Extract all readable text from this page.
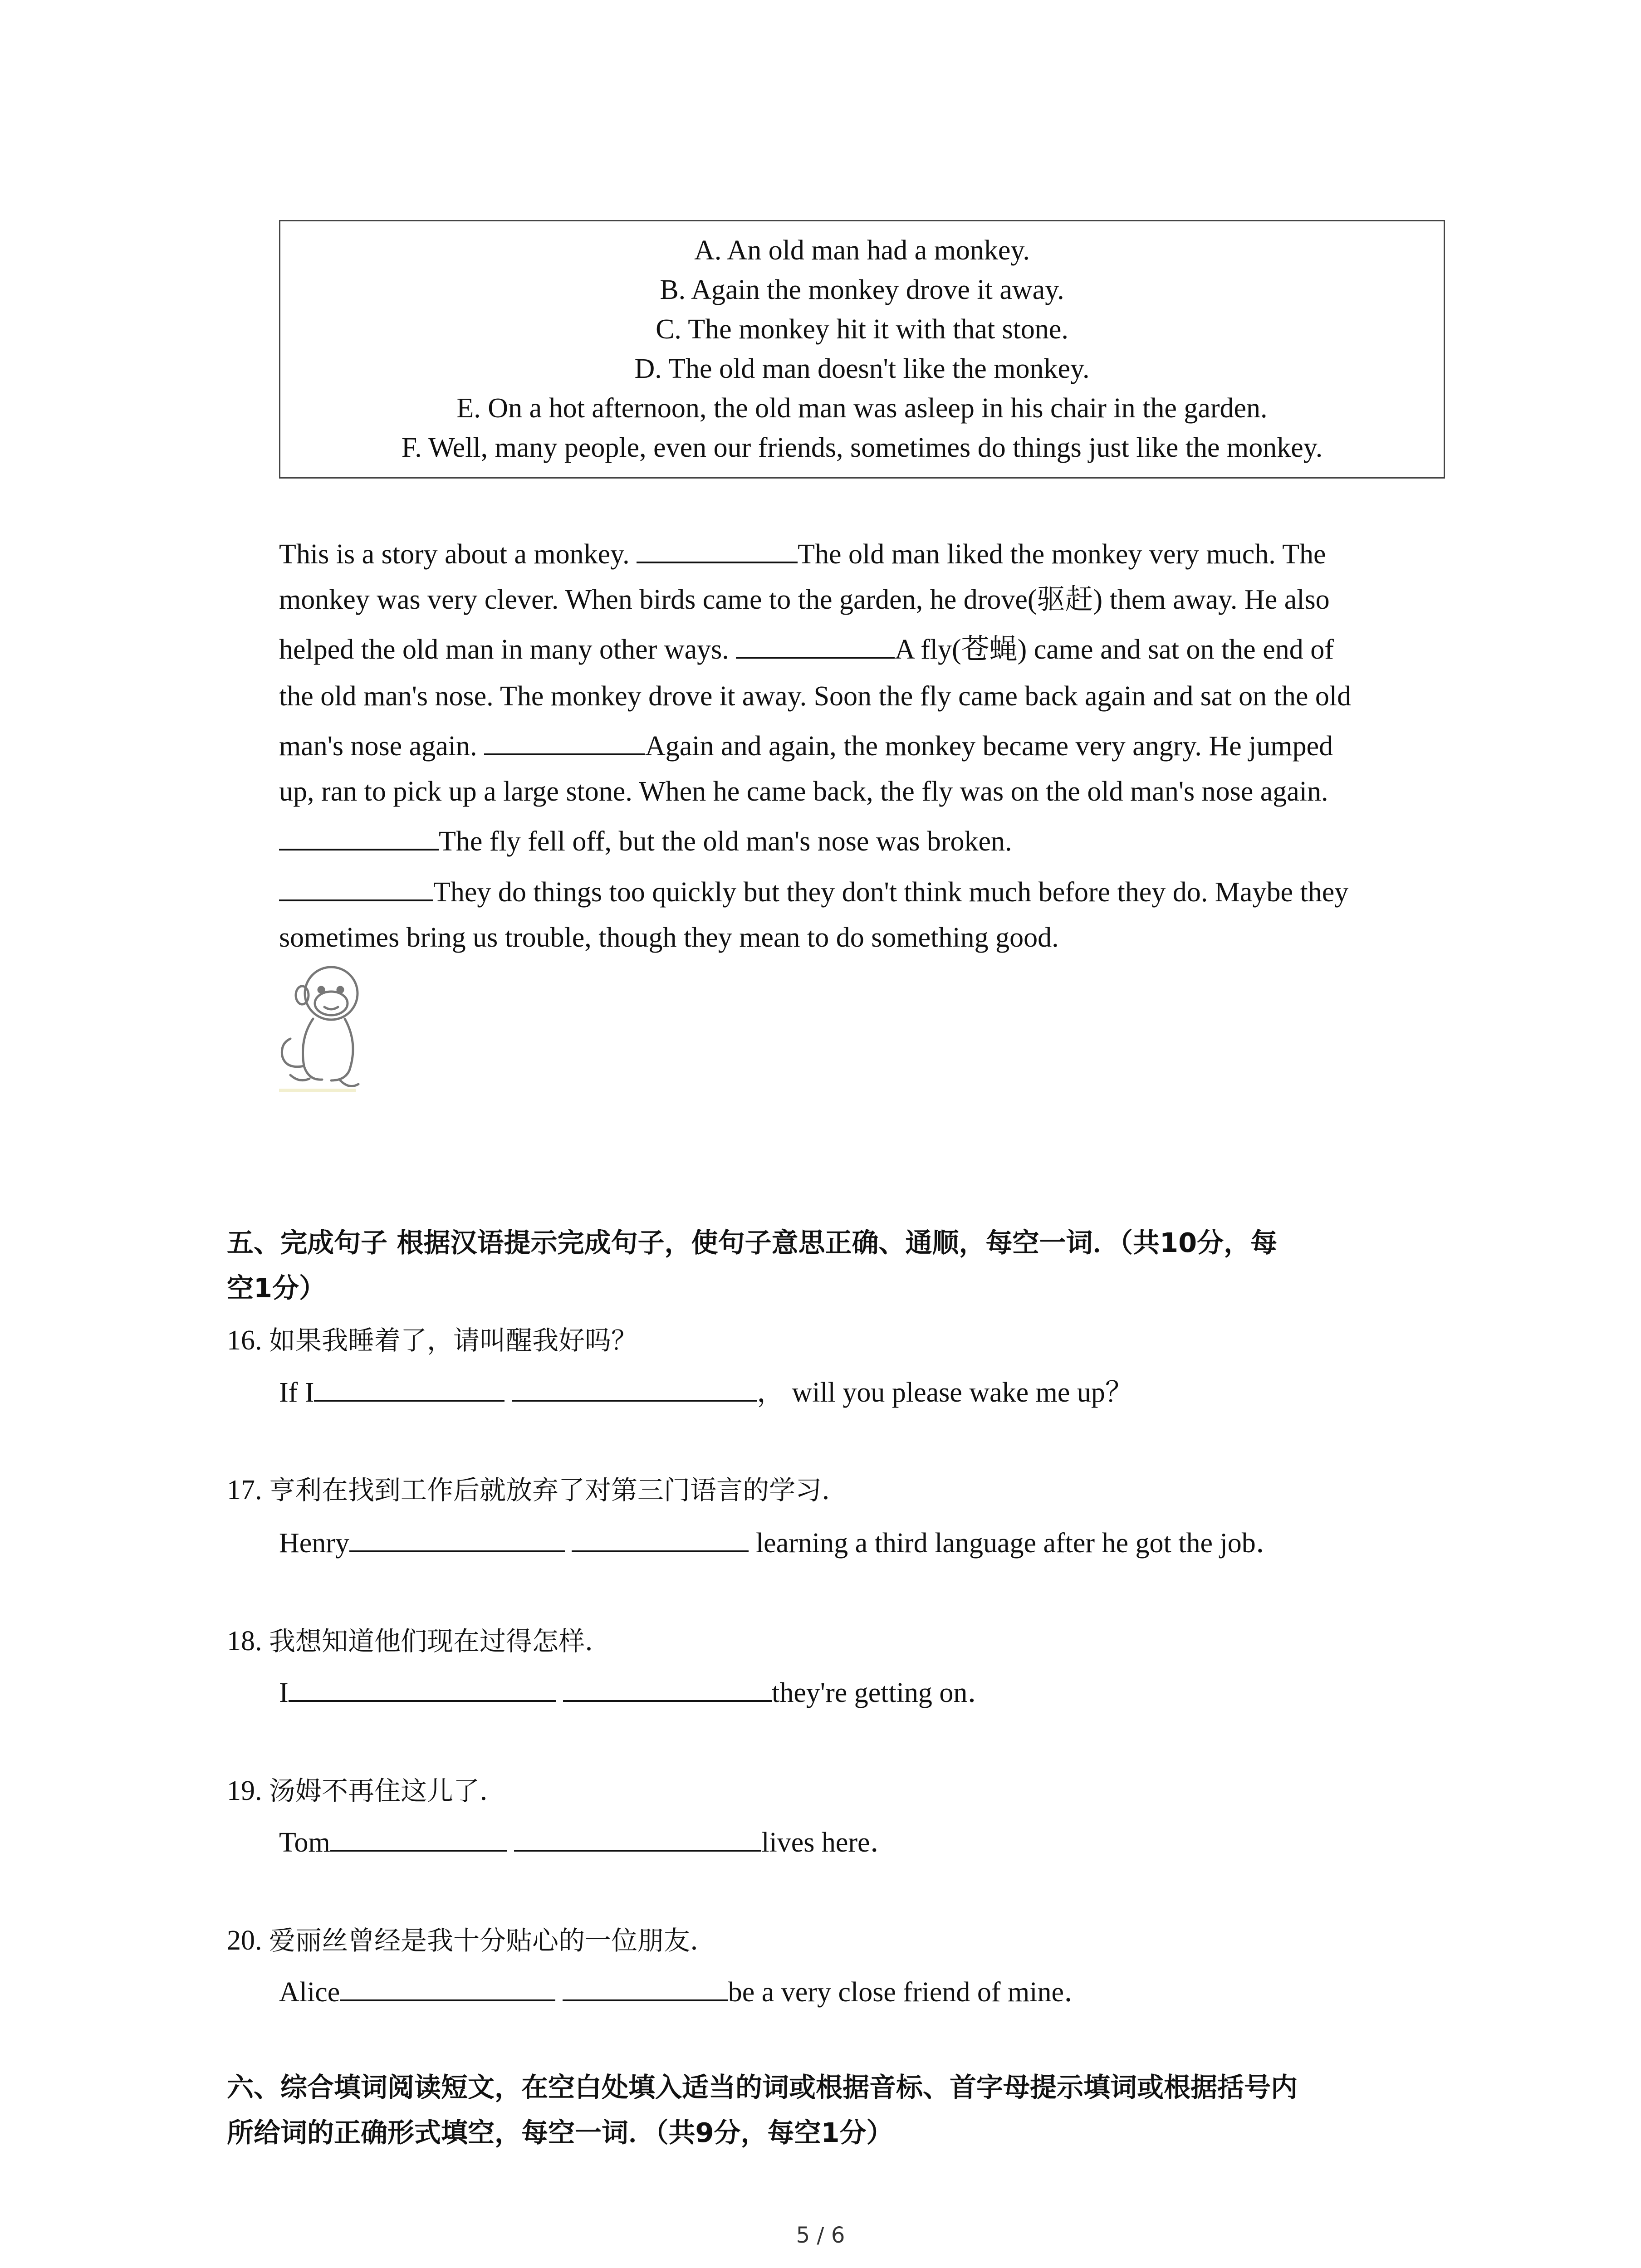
A. An old man had a monkey.
B. Again the monkey drove it away.
C. The monkey hit it with that stone.
D. The old man doesn't like the monkey.
E. On a hot afternoon, the old man was asleep in his chair in the garden.
F. Well, many people, even our friends, sometimes do things just like the monkey.
This is a story about a monkey.	The old man liked the monkey very much. The
monkey was very clever. When birds came to the garden, he drove(驱赶) them away. He also
helped the old man in many other ways.	A fly(苍蝇) came and sat on the end of
the old man's nose. The monkey drove it away. Soon the fly came back again and sat on the old
man's nose again.	Again and again, the monkey became very angry. He jumped
up, ran to pick up a large stone. When he came back, the fly was on the old man's nose again.
The fly fell off, but the old man's nose was broken.
They do things too quickly but they don't think much before they do. Maybe they
sometimes bring us trouble, though they mean to do something good.
五、完成句子 根据汉语提示完成句子，使句子意思正确、通顺，每空一词．（共10分，每
空1分）
16. 如果我睡着了，请叫醒我好吗？
If I	， will you please wake me up？
17. 亨利在找到工作后就放弃了对第三门语言的学习．
Henry	learning a third language after he got the job．
18. 我想知道他们现在过得怎样．
I	they're getting on．
19. 汤姆不再住这儿了．
Tom	lives here．
20. 爱丽丝曾经是我十分贴心的一位朋友．
Alice	be a very close friend of mine．
六、综合填词阅读短文，在空白处填入适当的词或根据音标、首字母提示填词或根据括号内
所给词的正确形式填空，每空一词．（共9分，每空1分）
5 / 6
